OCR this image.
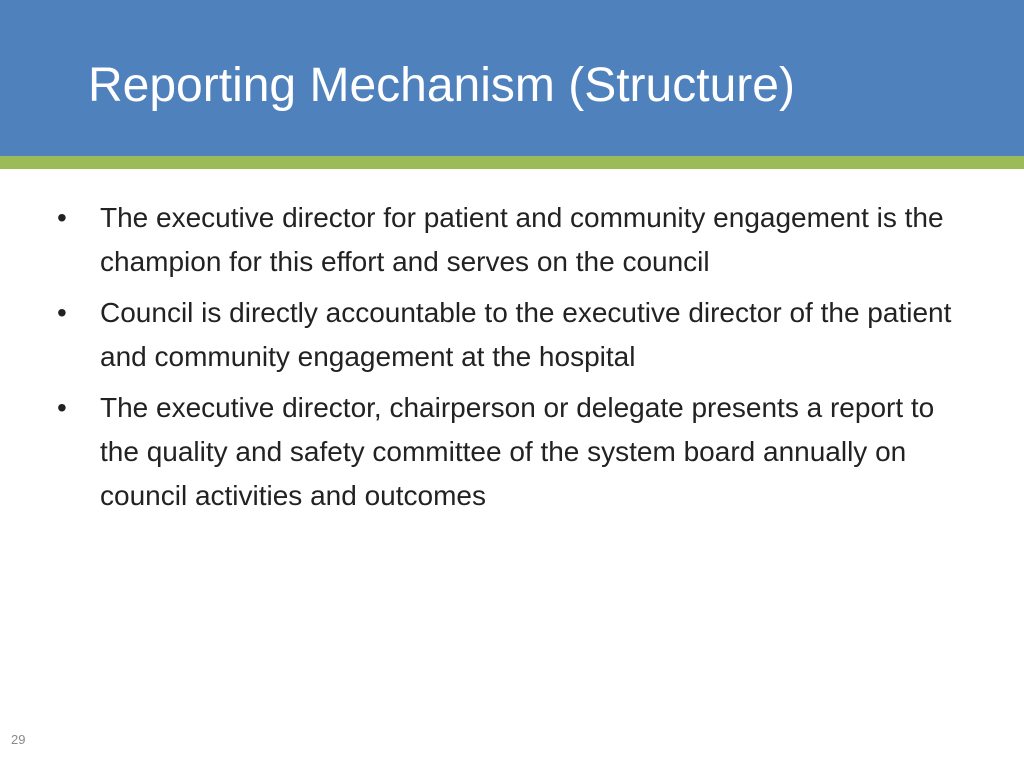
Reporting Mechanism (Structure)
• The executive director for patient and community engagement is the champion for this effort and serves on the council
• Council is directly accountable to the executive director of the patient and community engagement at the hospital
• The executive director, chairperson or delegate presents a report to the quality and safety committee of the system board annually on council activities and outcomes
29
